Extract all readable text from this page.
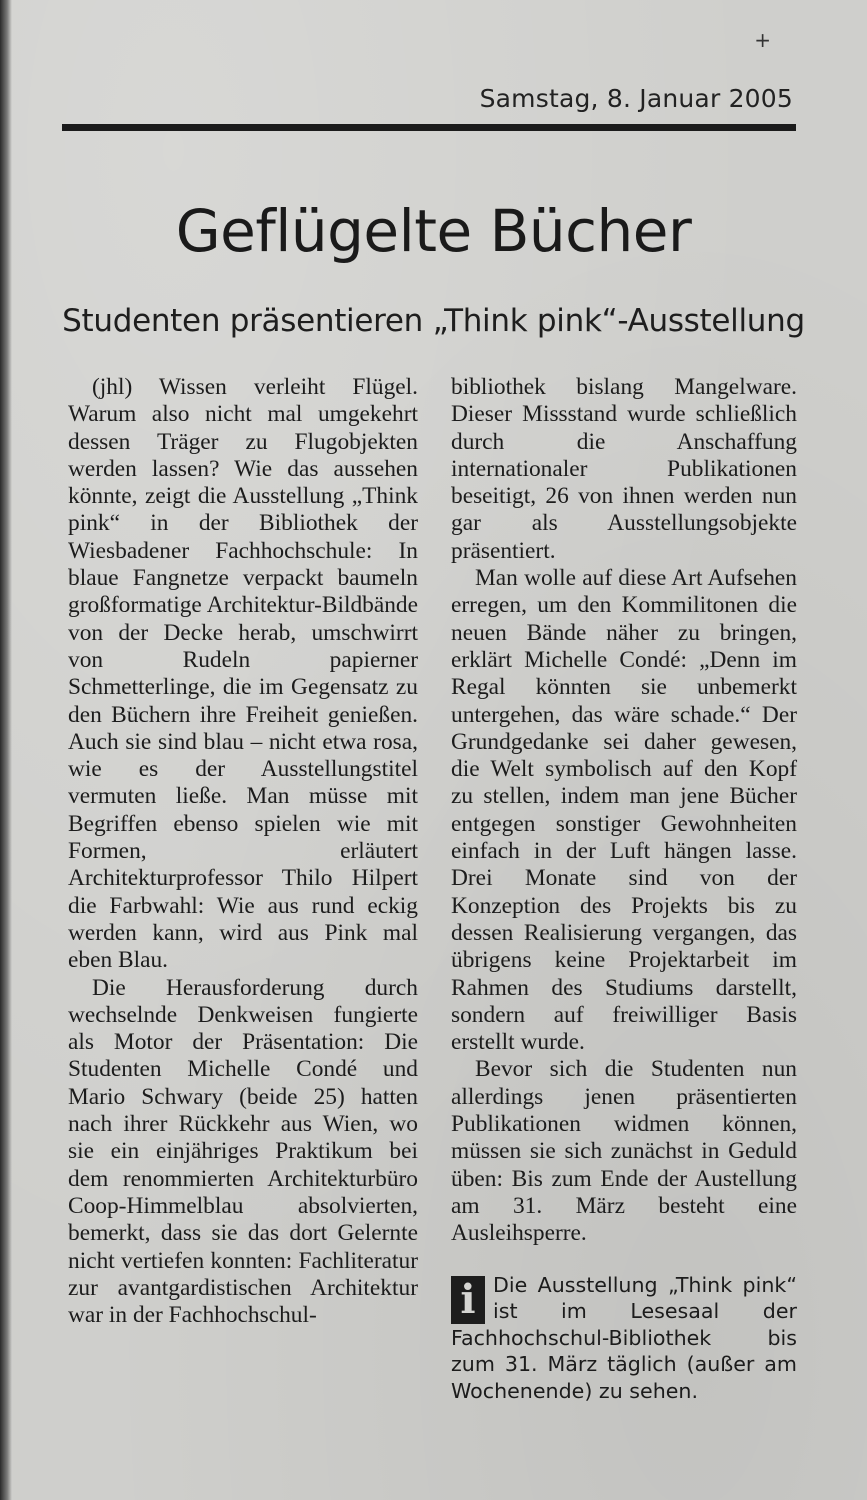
+
Samstag, 8. Januar 2005
Geflügelte Bücher
Studenten präsentieren „Think pink“-Ausstellung

(jhl) Wissen verleiht Flügel. Warum also nicht mal umgekehrt dessen Träger zu Flugobjekten werden lassen? Wie das aussehen könnte, zeigt die Ausstellung „Think pink“ in der Bibliothek der Wiesbadener Fachhochschule: In blaue Fangnetze verpackt baumeln großformatige Architektur-Bildbände von der Decke herab, umschwirrt von Rudeln papierner Schmetterlinge, die im Gegensatz zu den Büchern ihre Freiheit genießen. Auch sie sind blau – nicht etwa rosa, wie es der Ausstellungstitel vermuten ließe. Man müsse mit Begriffen ebenso spielen wie mit Formen, erläutert Architekturprofessor Thilo Hilpert die Farbwahl: Wie aus rund eckig werden kann, wird aus Pink mal eben Blau.

Die Herausforderung durch wechselnde Denkweisen fungierte als Motor der Präsentation: Die Studenten Michelle Condé und Mario Schwary (beide 25) hatten nach ihrer Rückkehr aus Wien, wo sie ein einjähriges Praktikum bei dem renommierten Architekturbüro Coop-Himmelblau absolvierten, bemerkt, dass sie das dort Gelernte nicht vertiefen konnten: Fachliteratur zur avantgardistischen Architektur war in der Fachhochschul-

bibliothek bislang Mangelware. Dieser Missstand wurde schließlich durch die Anschaffung internationaler Publikationen beseitigt, 26 von ihnen werden nun gar als Ausstellungsobjekte präsentiert.

Man wolle auf diese Art Aufsehen erregen, um den Kommilitonen die neuen Bände näher zu bringen, erklärt Michelle Condé: „Denn im Regal könnten sie unbemerkt untergehen, das wäre schade.“ Der Grundgedanke sei daher gewesen, die Welt symbolisch auf den Kopf zu stellen, indem man jene Bücher entgegen sonstiger Gewohnheiten einfach in der Luft hängen lasse. Drei Monate sind von der Konzeption des Projekts bis zu dessen Realisierung vergangen, das übrigens keine Projektarbeit im Rahmen des Studiums darstellt, sondern auf freiwilliger Basis erstellt wurde.

Bevor sich die Studenten nun allerdings jenen präsentierten Publikationen widmen können, müssen sie sich zunächst in Geduld üben: Bis zum Ende der Austellung am 31. März besteht eine Ausleihsperre.

i Die Ausstellung „Think pink“ ist im Lesesaal der Fachhochschul-Bibliothek bis zum 31. März täglich (außer am Wochenende) zu sehen.
